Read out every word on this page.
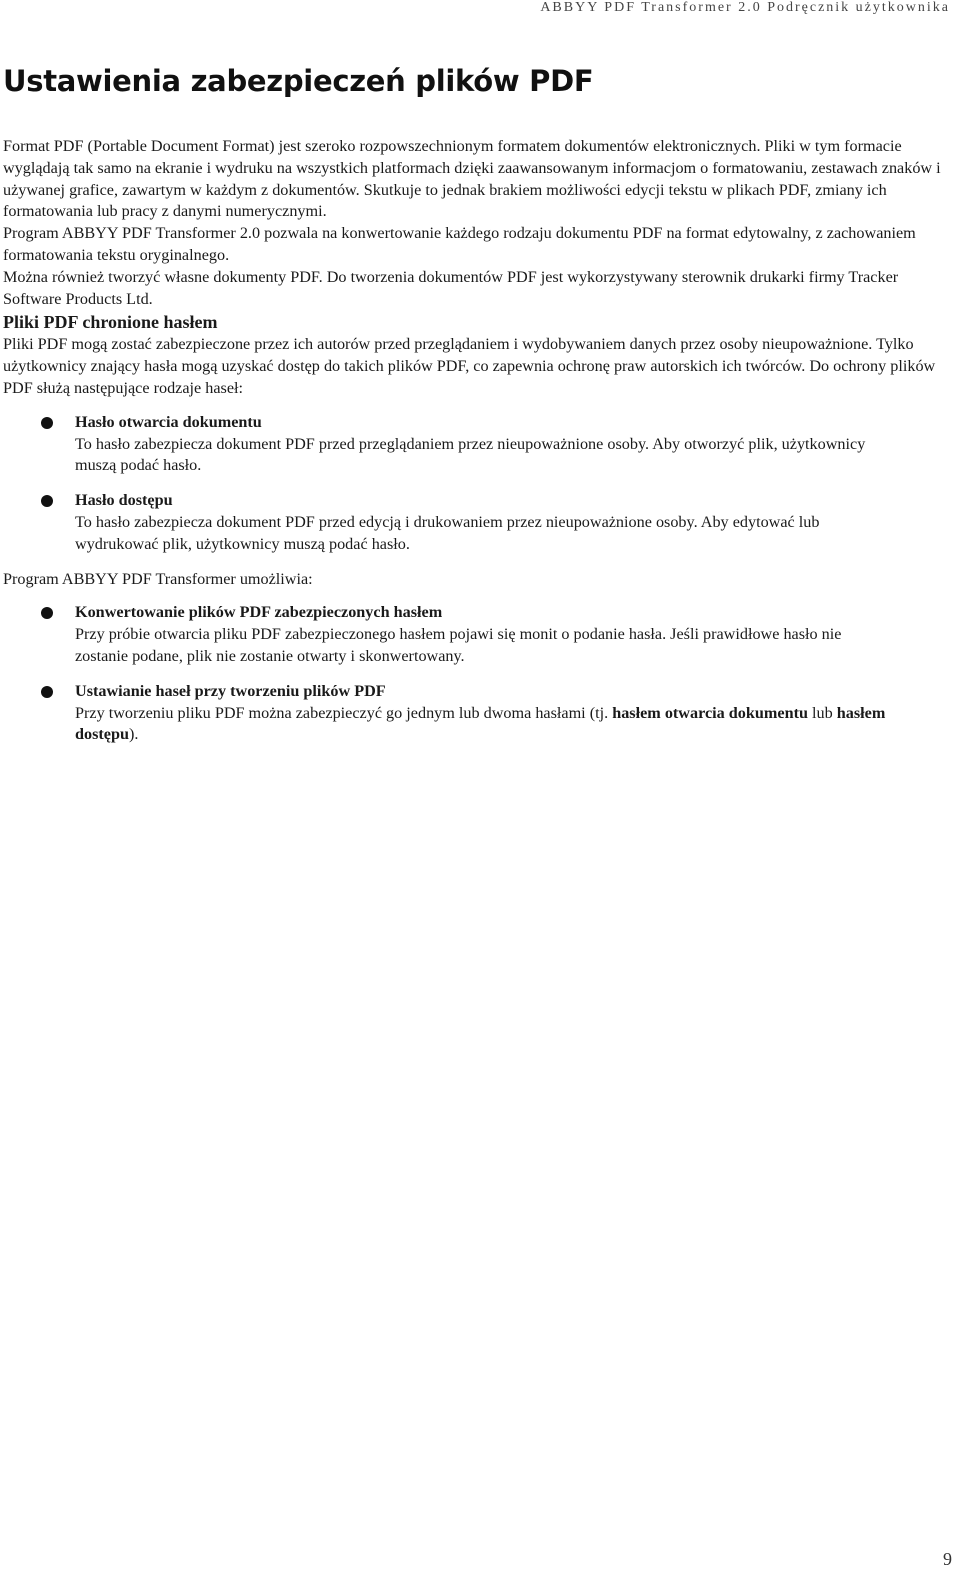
ABBYY PDF Transformer 2.0 Podręcznik użytkownika
Ustawienia zabezpieczeń plików PDF

Format PDF (Portable Document Format) jest szeroko rozpowszechnionym formatem dokumentów elektronicznych. Pliki w tym formacie wyglądają tak samo na ekranie i wydruku na wszystkich platformach dzięki zaawansowanym informacjom o formatowaniu, zestawach znaków i używanej grafice, zawartym w każdym z dokumentów. Skutkuje to jednak brakiem możliwości edycji tekstu w plikach PDF, zmiany ich formatowania lub pracy z danymi numerycznymi.

Program ABBYY PDF Transformer 2.0 pozwala na konwertowanie każdego rodzaju dokumentu PDF na format edytowalny, z zachowaniem formatowania tekstu oryginalnego.

Można również tworzyć własne dokumenty PDF. Do tworzenia dokumentów PDF jest wykorzystywany sterownik drukarki firmy Tracker Software Products Ltd.

Pliki PDF chronione hasłem

Pliki PDF mogą zostać zabezpieczone przez ich autorów przed przeglądaniem i wydobywaniem danych przez osoby nieupoważnione. Tylko użytkownicy znający hasła mogą uzyskać dostęp do takich plików PDF, co zapewnia ochronę praw autorskich ich twórców. Do ochrony plików PDF służą następujące rodzaje haseł:

Hasło otwarcia dokumentu
To hasło zabezpiecza dokument PDF przed przeglądaniem przez nieupoważnione osoby. Aby otworzyć plik, użytkownicy muszą podać hasło.
Hasło dostępu
To hasło zabezpiecza dokument PDF przed edycją i drukowaniem przez nieupoważnione osoby. Aby edytować lub wydrukować plik, użytkownicy muszą podać hasło.

Program ABBYY PDF Transformer umożliwia:

Konwertowanie plików PDF zabezpieczonych hasłem
Przy próbie otwarcia pliku PDF zabezpieczonego hasłem pojawi się monit o podanie hasła. Jeśli prawidłowe hasło nie zostanie podane, plik nie zostanie otwarty i skonwertowany.
Ustawianie haseł przy tworzeniu plików PDF
Przy tworzeniu pliku PDF można zabezpieczyć go jednym lub dwoma hasłami (tj. hasłem otwarcia dokumentu lub hasłem dostępu).
9
